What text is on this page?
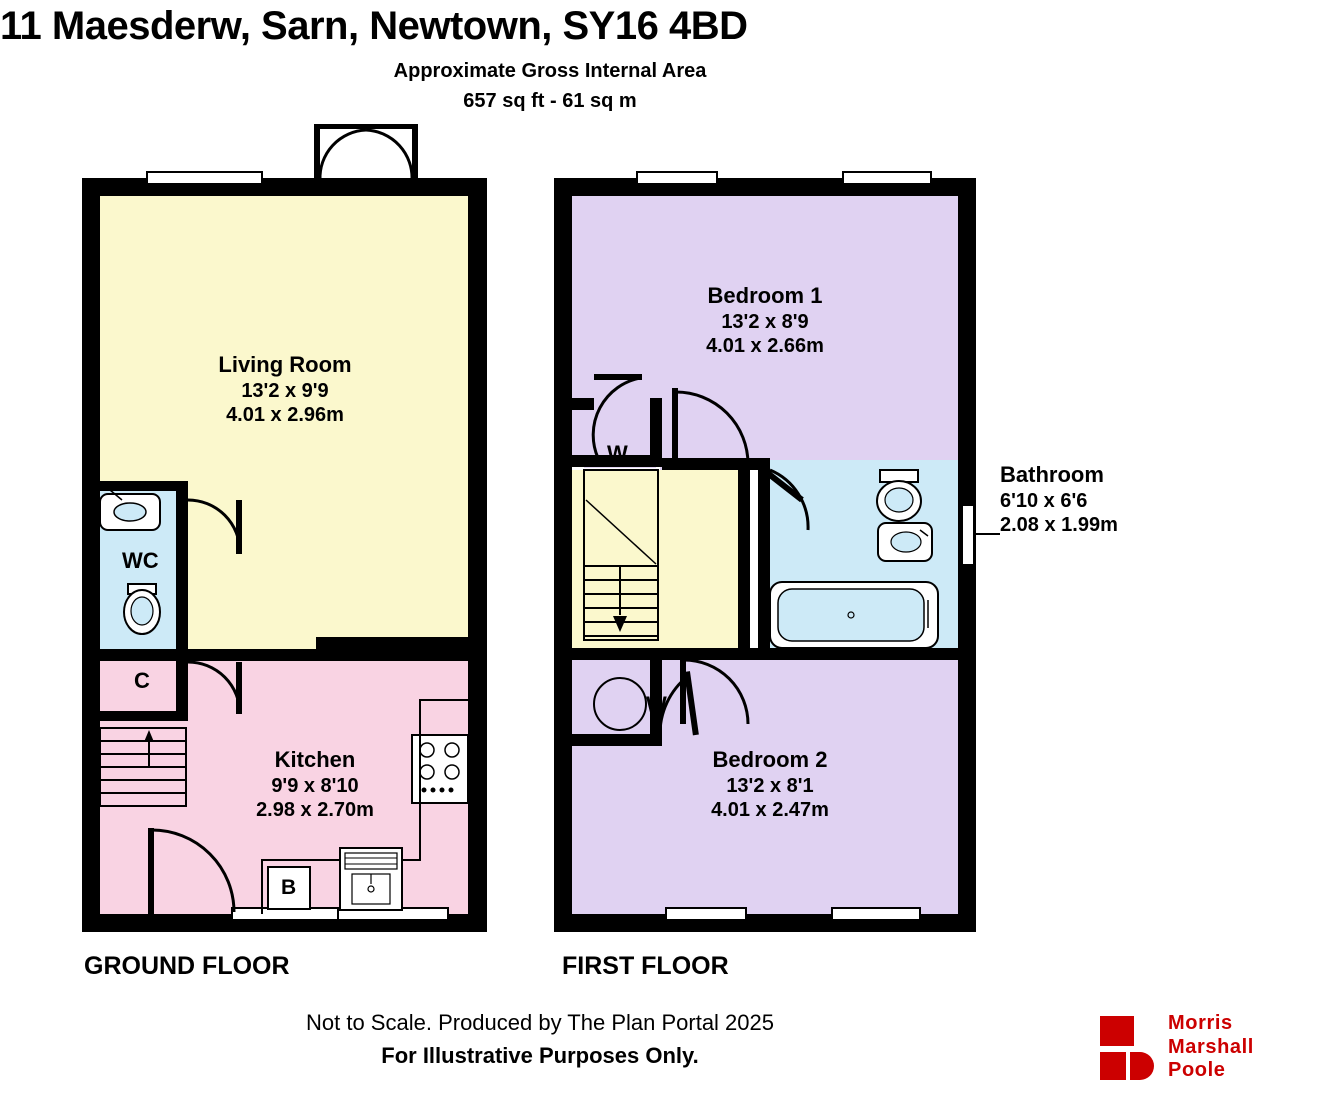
11 Maesderw, Sarn, Newtown, SY16 4BD
Approximate Gross Internal Area
657 sq ft - 61 sq m
Living Room
13'2 x 9'9
4.01 x 2.96m
Kitchen
9'9 x 8'10
2.98 x 2.70m
WC
C
B
Bedroom 1
13'2 x 8'9
4.01 x 2.66m
Bedroom 2
13'2 x 8'1
4.01 x 2.47m
Bathroom
6'10 x 6'6
2.08 x 1.99m
W
W
GROUND FLOOR	FIRST FLOOR
Not to Scale. Produced by The Plan Portal 2025
For Illustrative Purposes Only.
Morris
Marshall
Poole
